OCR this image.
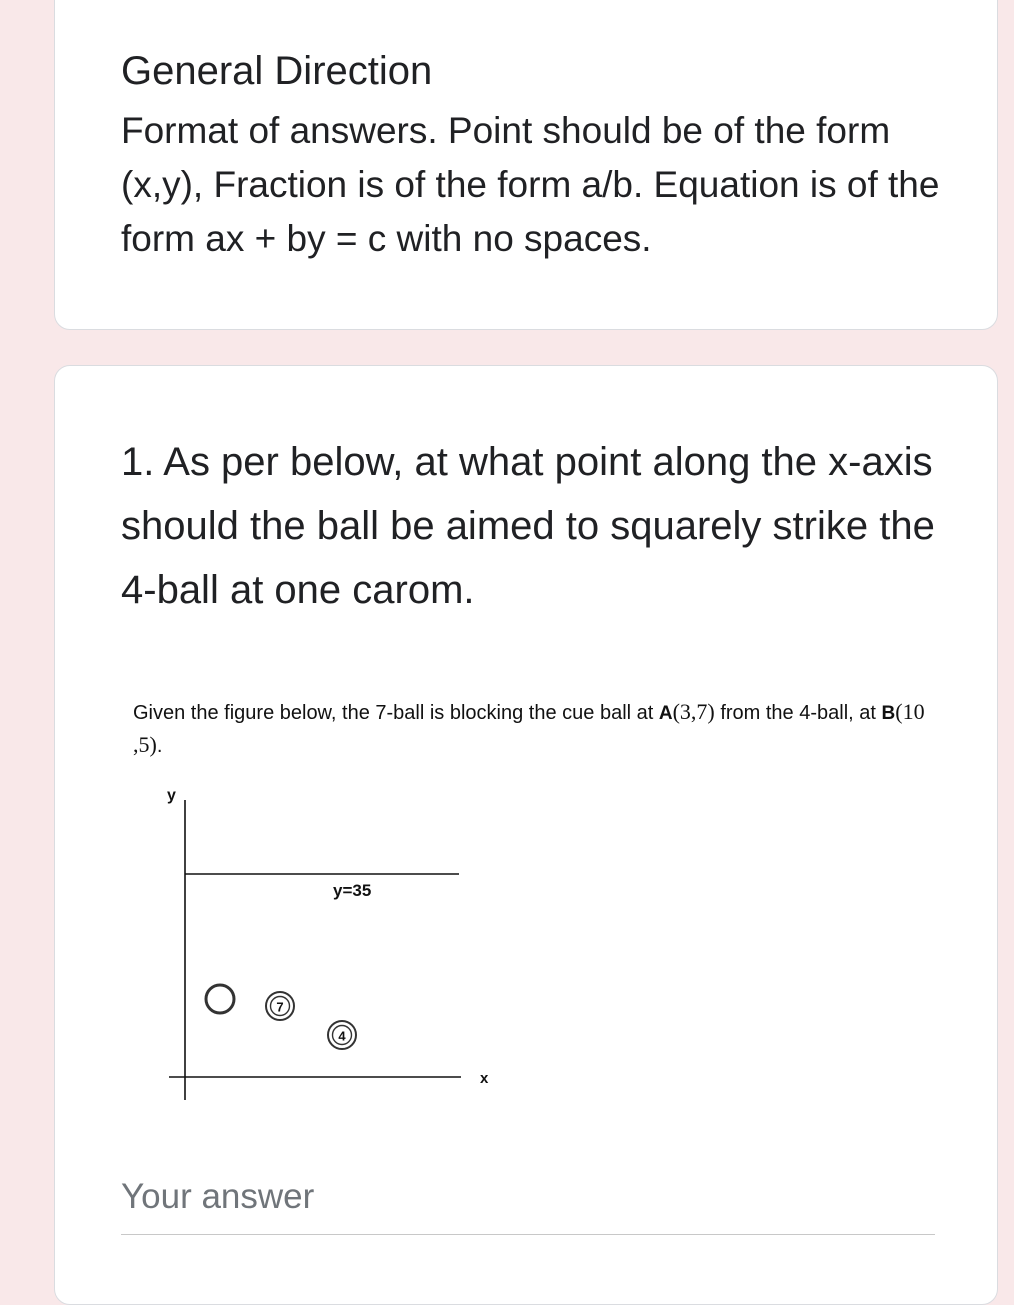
General Direction

Format of answers. Point should be of the form (x,y), Fraction is of the form a/b. Equation is of the form ax + by = c with no spaces.

1. As per below, at what point along the x-axis should the ball be aimed to squarely strike the 4-ball at one carom.

Given the figure below, the 7-ball is blocking the cue ball at A(3,7) from the 4-ball, at B(10 ,5).

y
x
y=35
7
4
Your answer
